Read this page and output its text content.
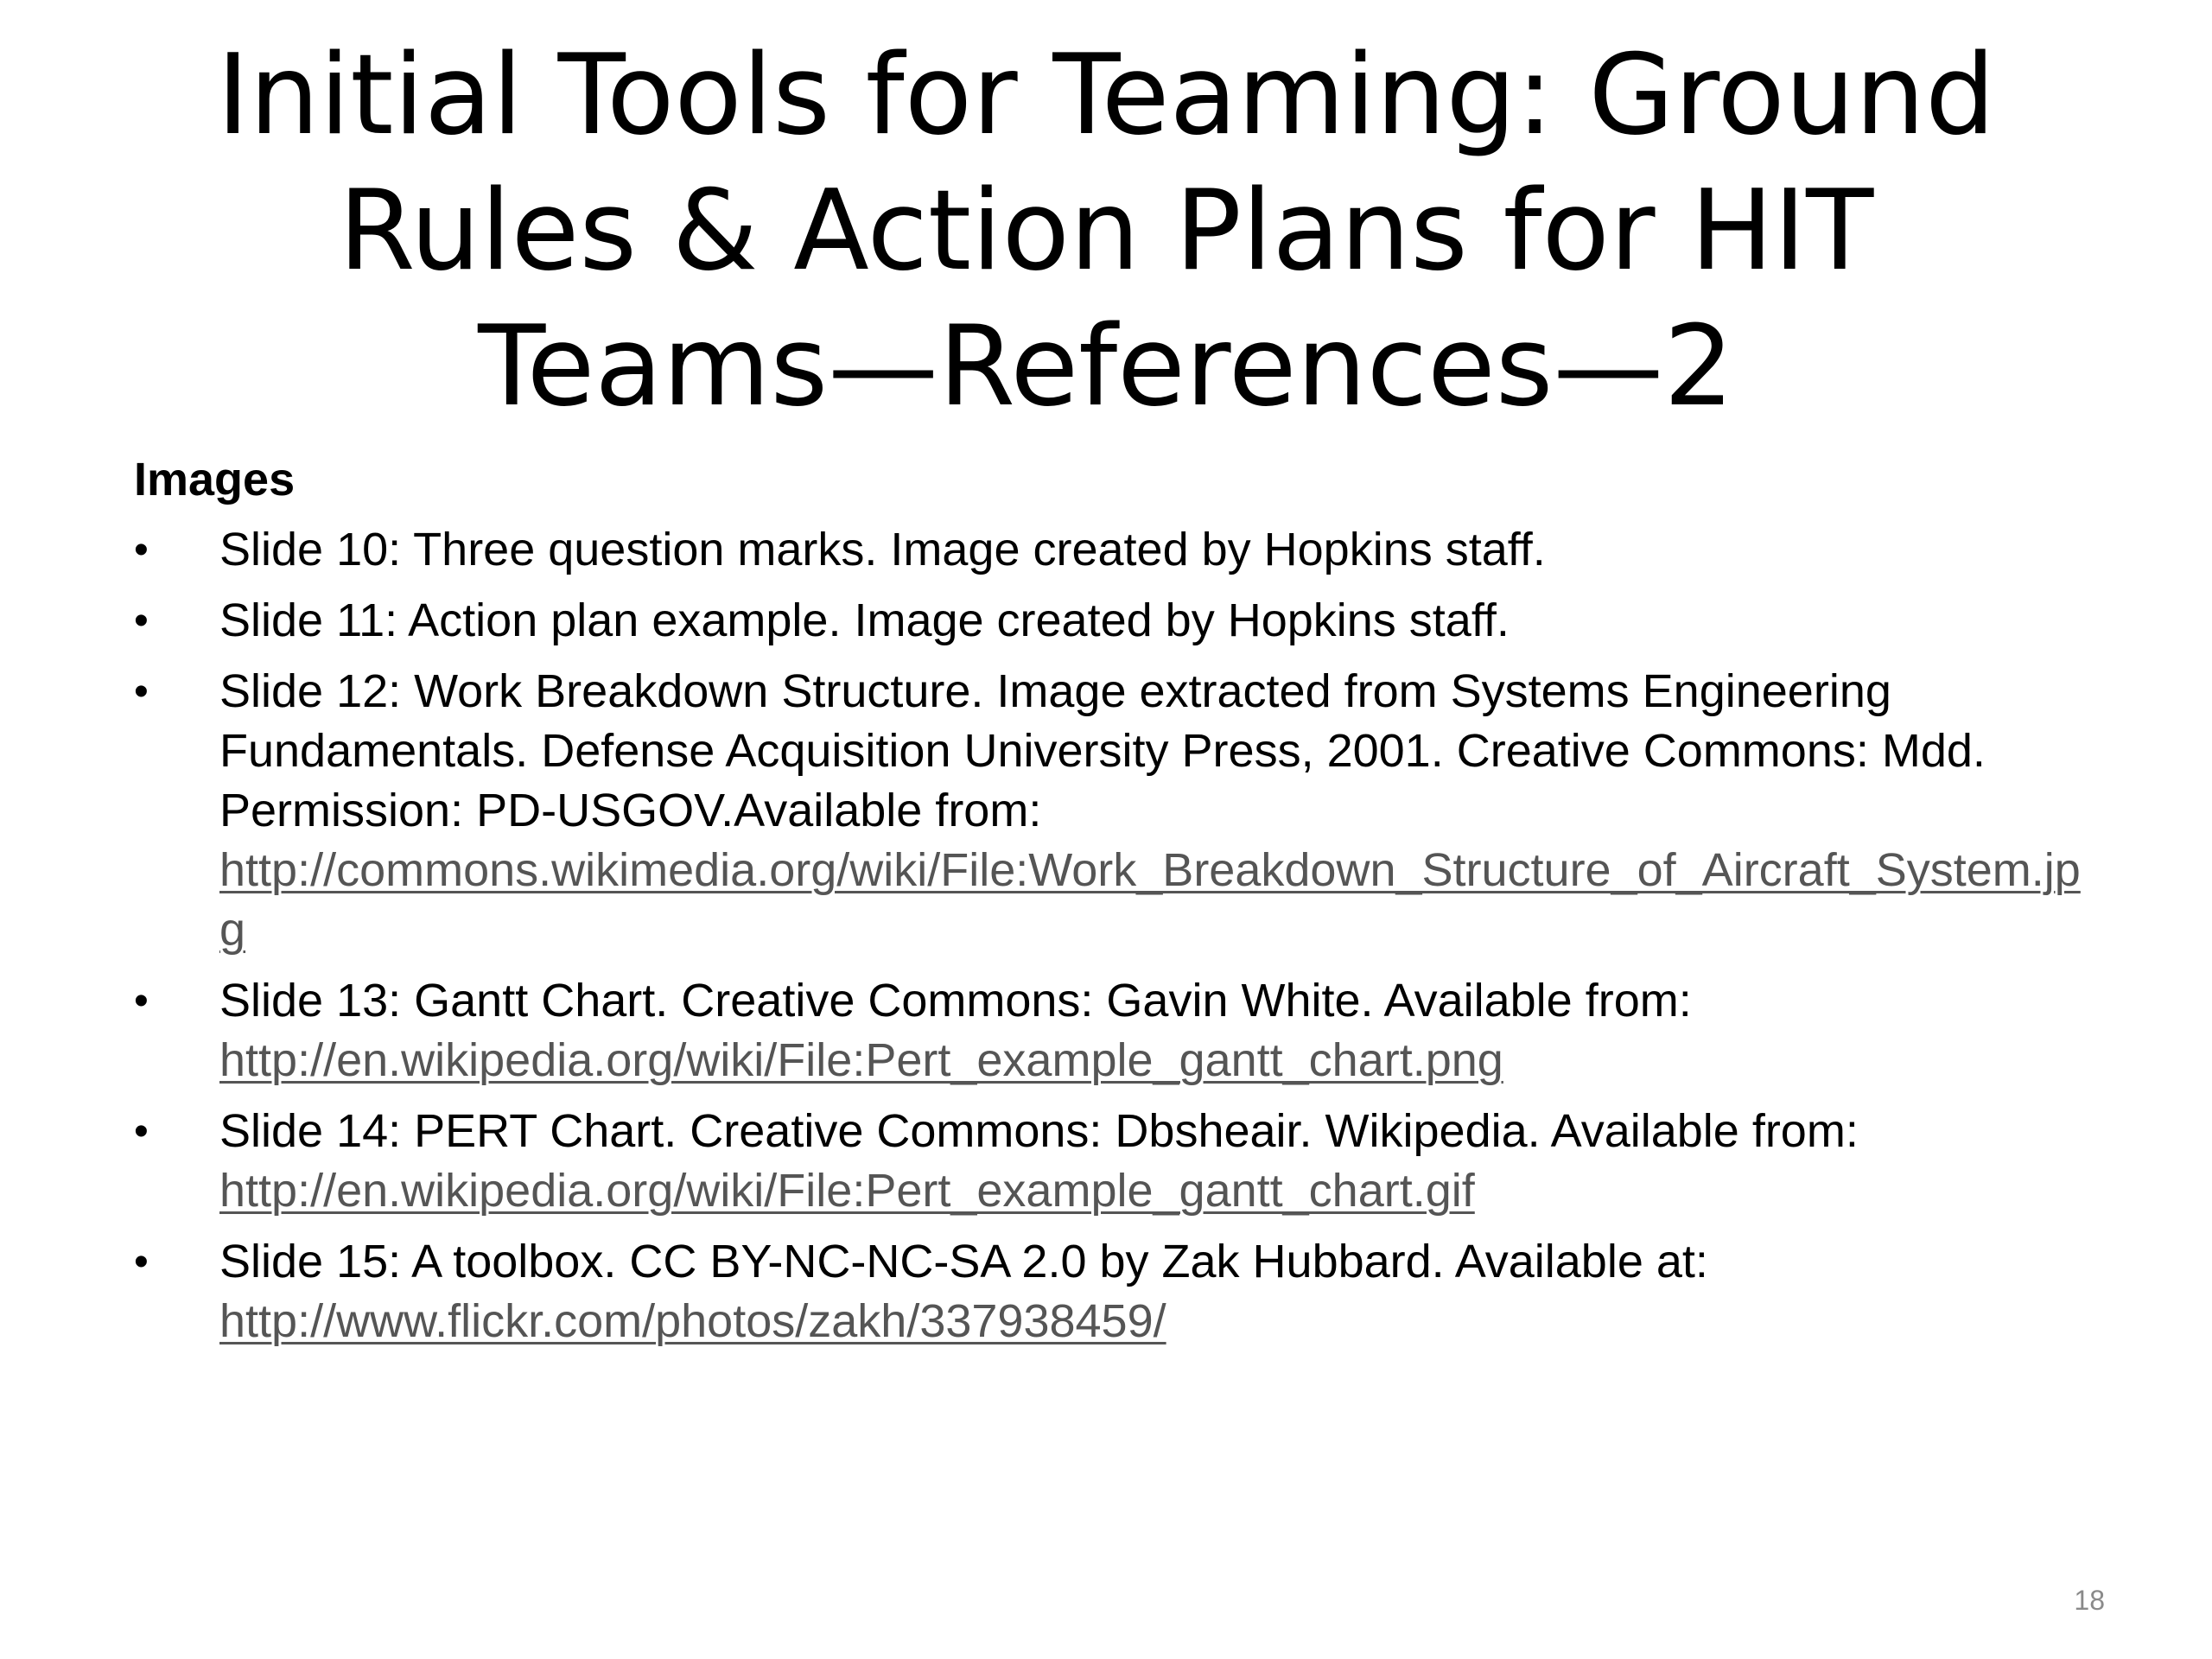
Initial Tools for Teaming: Ground
Rules & Action Plans for HIT
Teams—References—2
Images
• Slide 10: Three question marks. Image created by Hopkins staff.
• Slide 11: Action plan example. Image created by Hopkins staff.
• Slide 12: Work Breakdown Structure. Image extracted from Systems Engineering Fundamentals. Defense Acquisition University Press, 2001. Creative Commons: Mdd. Permission: PD-USGOV.Available from:
http://commons.wikimedia.org/wiki/File:Work_Breakdown_Structure_of_Aircraft_System.jpg
• Slide 13: Gantt Chart. Creative Commons: Gavin White. Available from:
http://en.wikipedia.org/wiki/File:Pert_example_gantt_chart.png
• Slide 14: PERT Chart. Creative Commons: Dbsheair. Wikipedia. Available from:
http://en.wikipedia.org/wiki/File:Pert_example_gantt_chart.gif
• Slide 15: A toolbox. CC BY-NC-NC-SA 2.0 by Zak Hubbard. Available at:
http://www.flickr.com/photos/zakh/337938459/
18
